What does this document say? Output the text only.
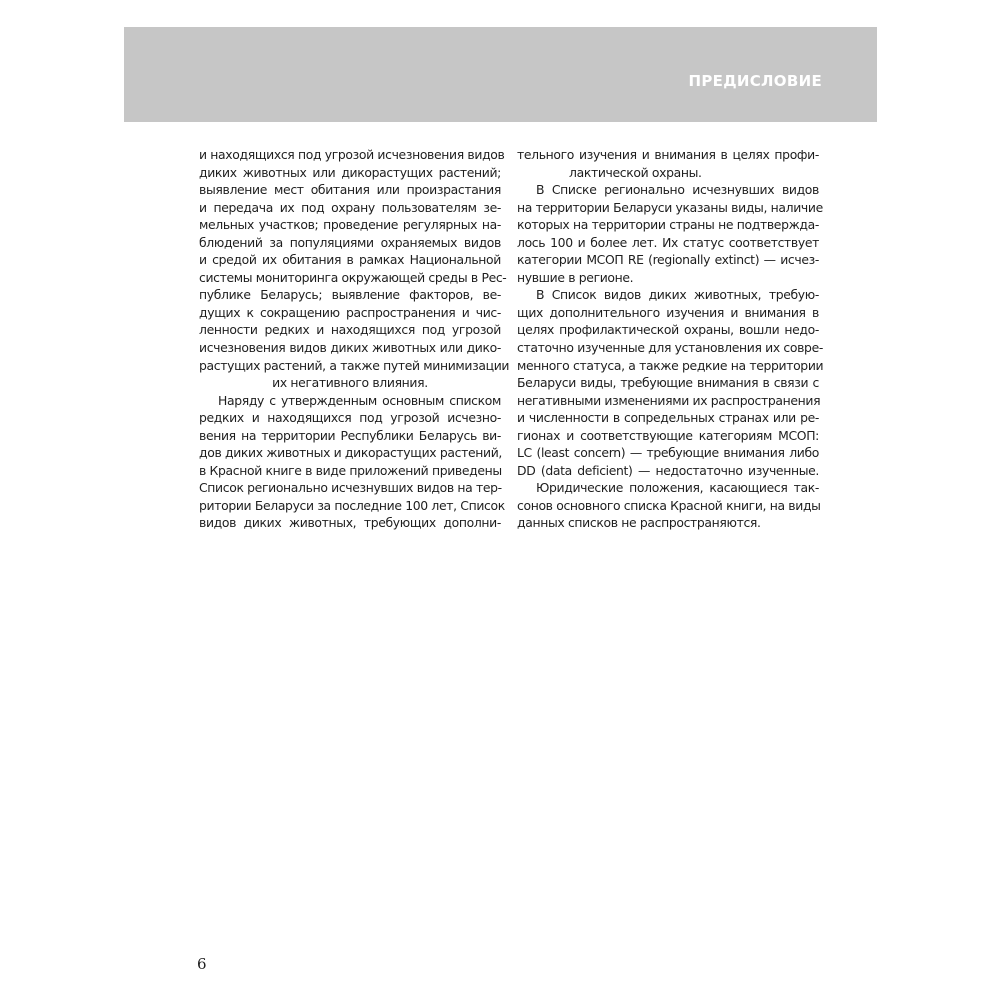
ПРЕДИСЛОВИЕ
и находящихся под угрозой исчезновения видов
диких животных или дикорастущих растений;
выявление мест обитания или произрастания
и передача их под охрану пользователям зе-
мельных участков; проведение регулярных на-
блюдений за популяциями охраняемых видов
и средой их обитания в рамках Национальной
системы мониторинга окружающей среды в Рес-
публике Беларусь; выявление факторов, ве-
дущих к сокращению распространения и чис-
ленности редких и находящихся под угрозой
исчезновения видов диких животных или дико-
растущих растений, а также путей минимизации
их негативного влияния.
Наряду с утвержденным основным списком
редких и находящихся под угрозой исчезно-
вения на территории Республики Беларусь ви-
дов диких животных и дикорастущих растений,
в Красной книге в виде приложений приведены
Список регионально исчезнувших видов на тер-
ритории Беларуси за последние 100 лет, Список
видов диких животных, требующих дополни-
тельного изучения и внимания в целях профи-
лактической охраны.
В Списке регионально исчезнувших видов
на территории Беларуси указаны виды, наличие
которых на территории страны не подтвержда-
лось 100 и более лет. Их статус соответствует
категории МСОП RE (regionally extinct) — исчез-
нувшие в регионе.
В Список видов диких животных, требую-
щих дополнительного изучения и внимания в
целях профилактической охраны, вошли недо-
статочно изученные для установления их совре-
менного статуса, а также редкие на территории
Беларуси виды, требующие внимания в связи с
негативными изменениями их распространения
и численности в сопредельных странах или ре-
гионах и соответствующие категориям МСОП:
LC (least concern) — требующие внимания либо
DD (data deficient) — недостаточно изученные.
Юридические положения, касающиеся так-
сонов основного списка Красной книги, на виды
данных списков не распространяются.
6
